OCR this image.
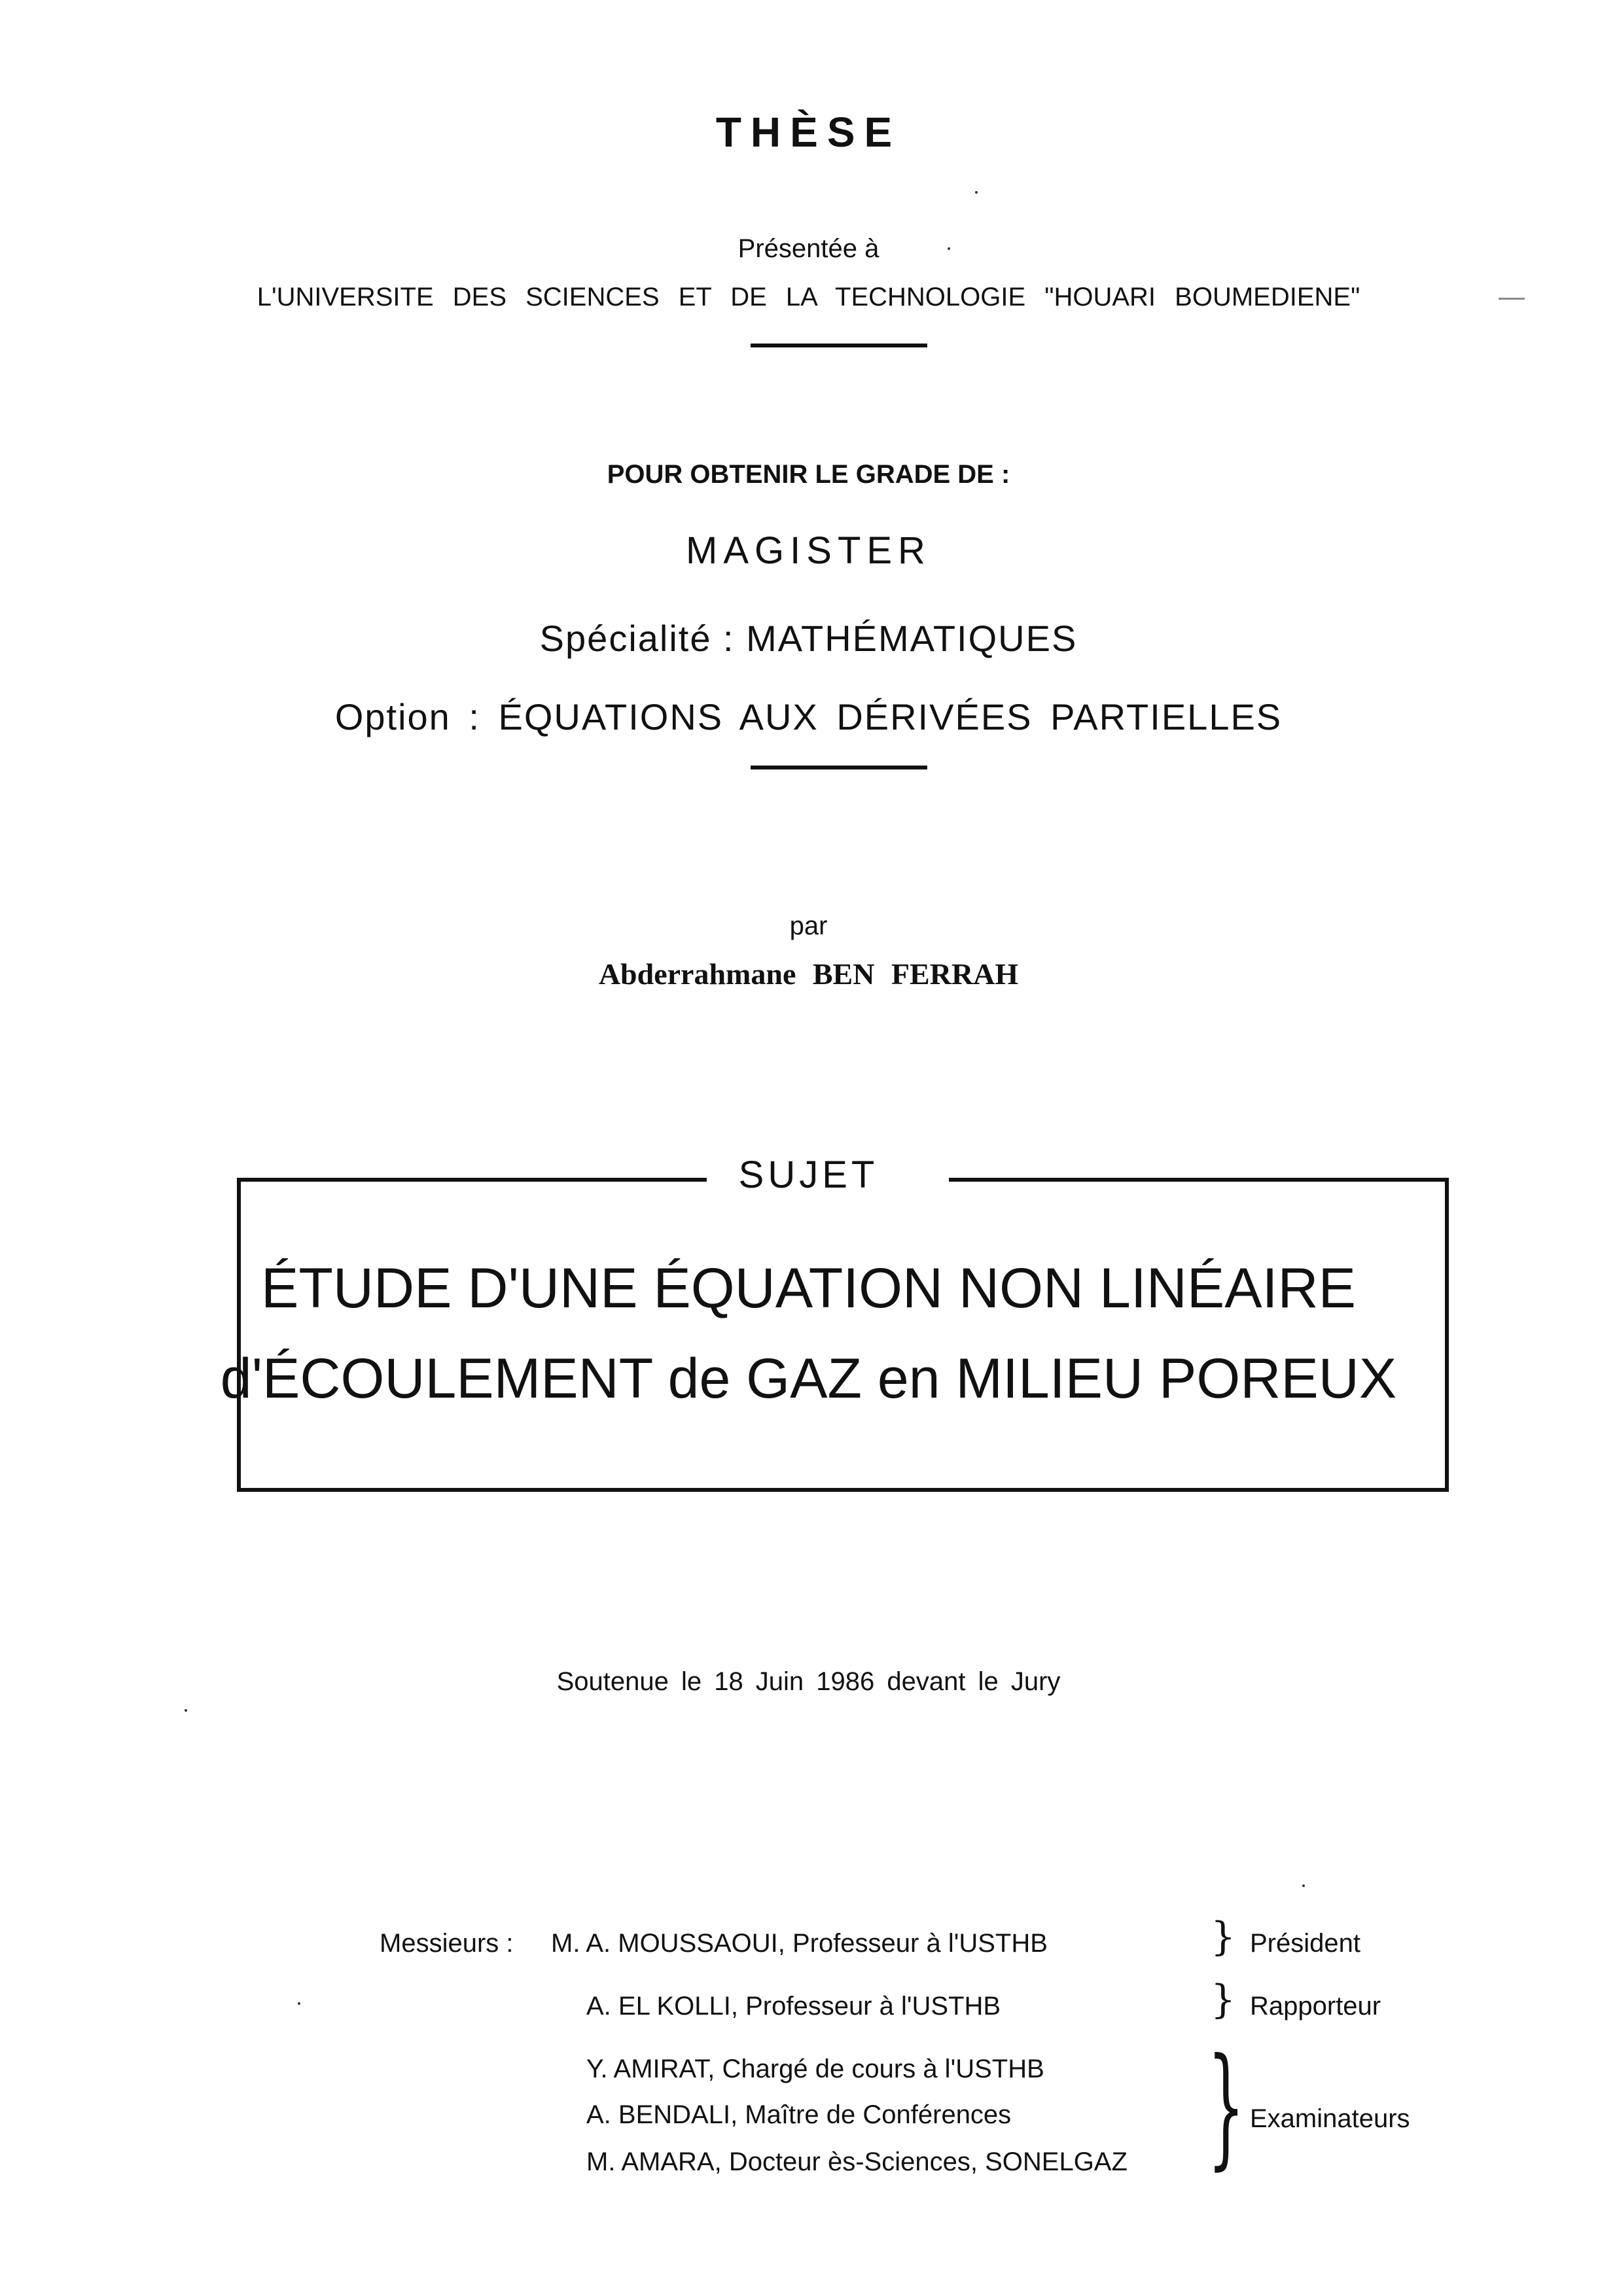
THÈSE
Présentée à
L'UNIVERSITE DES SCIENCES ET DE LA TECHNOLOGIE "HOUARI BOUMEDIENE"
POUR OBTENIR LE GRADE DE :
MAGISTER
Spécialité : MATHÉMATIQUES
Option : ÉQUATIONS AUX DÉRIVÉES PARTIELLES
par
Abderrahmane BEN FERRAH
SUJET
ÉTUDE D'UNE ÉQUATION NON LINÉAIRE
d'ÉCOULEMENT de GAZ en MILIEU POREUX
Soutenue le 18 Juin 1986 devant le Jury
Messieurs : M. A. MOUSSAOUI, Professeur à l'USTHB
A. EL KOLLI, Professeur à l'USTHB
Y. AMIRAT, Chargé de cours à l'USTHB
A. BENDALI, Maître de Conférences
M. AMARA, Docteur ès-Sciences, SONELGAZ
}
}
}
Président
Rapporteur
Examinateurs
